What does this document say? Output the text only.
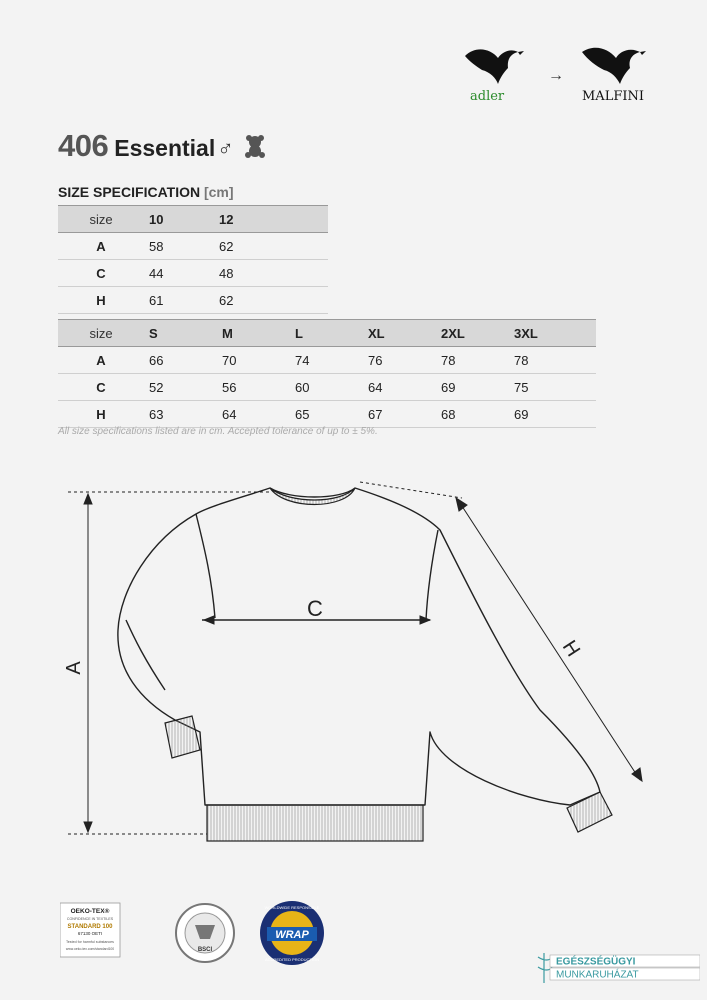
adler
→
MALFINI
406 Essential♂
SIZE SPECIFICATION [cm]
size	10	12	
A	58	62	
C	44	48	
H	61	62	
size	S	M	L	XL	2XL	3XL	
A	66	70	74	76	78	78	
C	52	56	60	64	69	75	
H	63	64	65	67	68	69	
All size specifications listed are in cm. Accepted tolerance of up to ± 5%.
A
C
H
OEKO-TEX®
CONFIDENCE IN TEXTILES
STANDARD 100
67130 OETI
Tested for harmful substances
www.oeko-tex.com/standard100	BSCI
WORLDWIDE RESPONSIBLE
ACCREDITED PRODUCTION
WRAP
EGÉSZSÉGÜGYI
MUNKARUHÁZAT
